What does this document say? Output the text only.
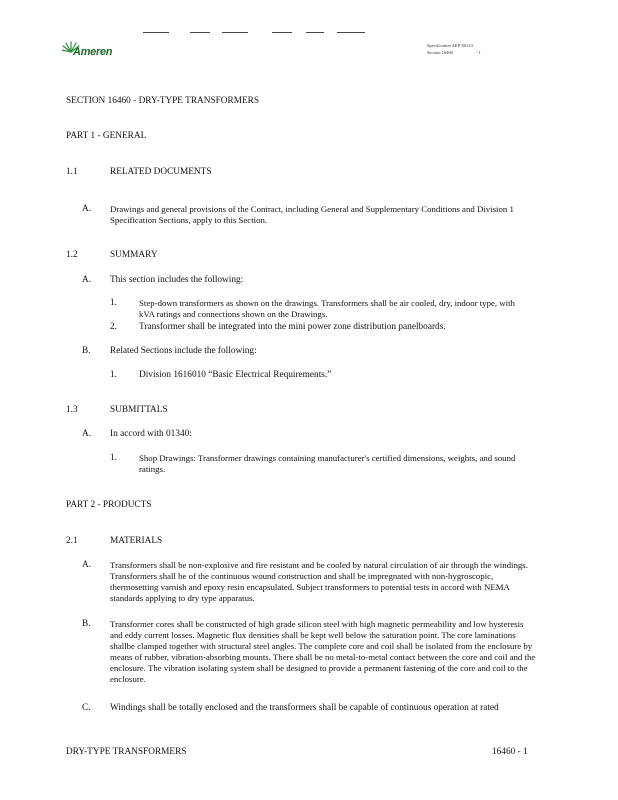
Ameren
Specification AEP-00123
Section 16460	- 1
SECTION 16460 - DRY-TYPE TRANSFORMERS
PART 1 - GENERAL
1.1	RELATED DOCUMENTS
A. Drawings and general provisions of the Contract, including General and Supplementary Conditions and Division 1 Specification Sections, apply to this Section.
1.2	SUMMARY
A. This section includes the following:
1.	Step-down transformers as shown on the drawings. Transformers shall be air cooled, dry, indoor type, with kVA ratings and connections shown on the Drawings.
2. Transformer shall be integrated into the mini power zone distribution panelboards.
B. Related Sections include the following:
1. Division 1616010 “Basic Electrical Requirements.”
1.3	SUBMITTALS
A. In accord with 01340:
1.	Shop Drawings: Transformer drawings containing manufacturer's certified dimensions, weights, and sound ratings.
PART 2 - PRODUCTS
2.1	MATERIALS
A. Transformers shall be non-explosive and fire resistant and be cooled by natural circulation of air through the windings. Transformers shall be of the continuous wound construction and shall be impregnated with non-hygroscopic, thermosetting varnish and epoxy resin encapsulated. Subject transformers to potential tests in accord with NEMA standards applying to dry type apparatus.
B. Transformer cores shall be constructed of high grade silicon steel with high magnetic permeability and low hysteresis and eddy current losses. Magnetic flux densities shall be kept well below the saturation point. The core laminations shallbe clamped together with structural steel angles. The complete core and coil shall be isolated from the enclosure by means of rubber, vibration-absorbing mounts. There shall be no metal-to-metal contact between the core and coil and the enclosure. The vibration isolating system shall be designed to provide a permanent fastening of the core and coil to the enclosure.
C. Windings shall be totally enclosed and the transformers shall be capable of continuous operation at rated
DRY-TYPE TRANSFORMERS	16460 - 1
